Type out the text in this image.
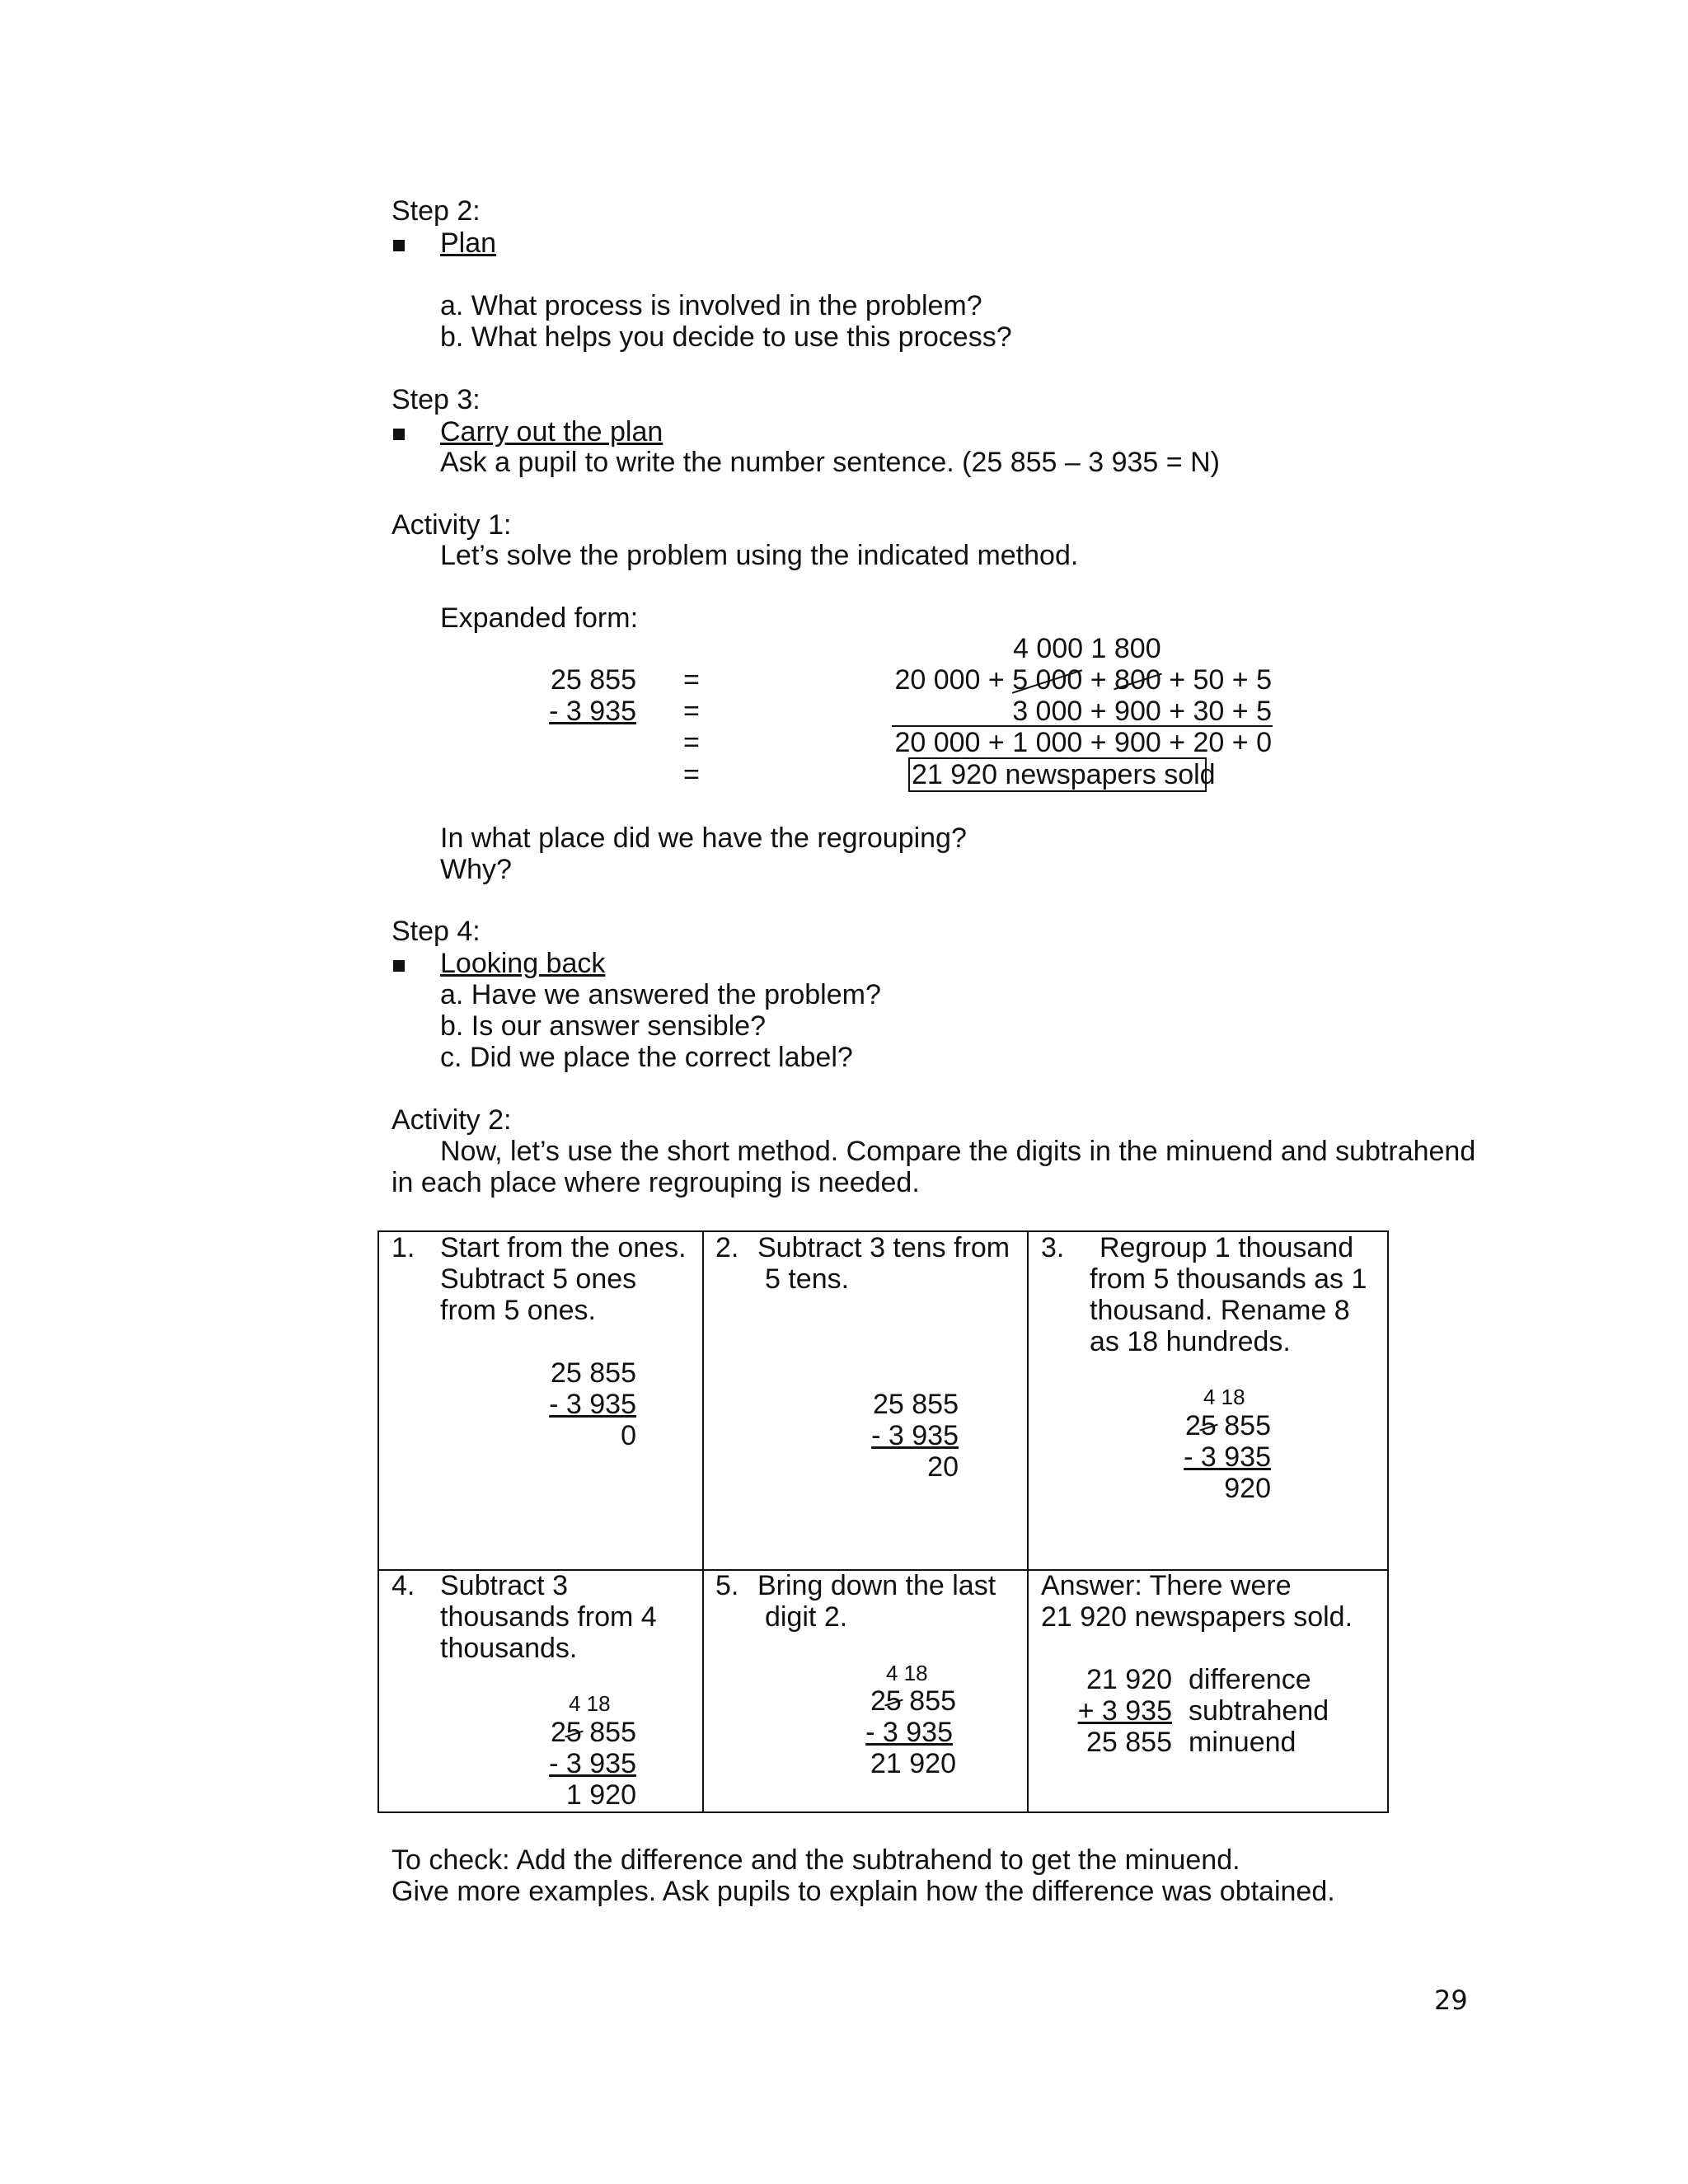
Step 2:
Plan
a. What process is involved in the problem?
b. What helps you decide to use this process?
Step 3:
Carry out the plan
Ask a pupil to write the number sentence. (25 855 – 3 935 = N)
Activity 1:
Let’s solve the problem using the indicated method.
Expanded form:
4 000 1 800
25 855
- 3 935
=
=
=
=
20 000 + 5 000 + 800 + 50 + 5
3 000 + 900 + 30 + 5
20 000 + 1 000 + 900 + 20 + 0
21 920 newspapers sold
In what place did we have the regrouping?
Why?
Step 4:
Looking back
a. Have we answered the problem?
b. Is our answer sensible?
c. Did we place the correct label?
Activity 2:
Now, let’s use the short method. Compare the digits in the minuend and subtrahend
in each place where regrouping is needed.
1. Start from the ones.
Subtract 5 ones
from 5 ones.
25 855
- 3 935
0
2. Subtract 3 tens from
5 tens.
25 855
- 3 935
20
3. Regroup 1 thousand
from 5 thousands as 1
thousand. Rename 8
as 18 hundreds.
4 18
25 855
- 3 935
920
4. Subtract 3
thousands from 4
thousands.
4 18
25 855
- 3 935
1 920
5. Bring down the last
digit 2.
4 18
25 855
- 3 935
21 920
Answer: There were
21 920 newspapers sold.
21 920 difference
+ 3 935 subtrahend
25 855 minuend
To check: Add the difference and the subtrahend to get the minuend.
Give more examples. Ask pupils to explain how the difference was obtained.
29
